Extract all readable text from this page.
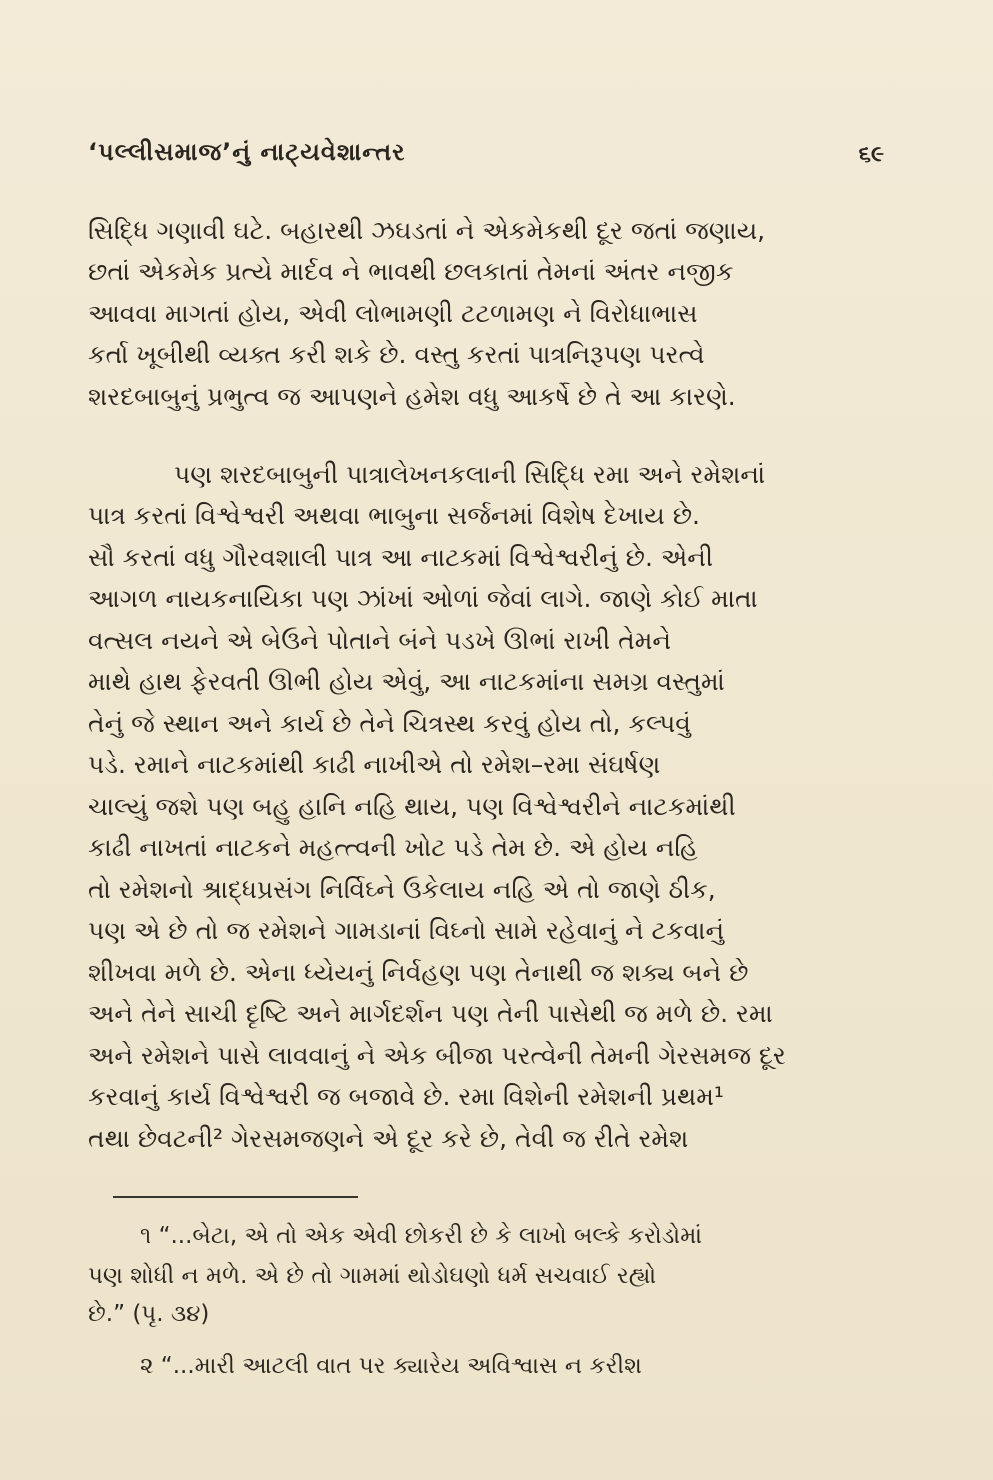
‘પલ્લીસમાજ’નું નાટ્યવેશાન્તર	૬૯
સિદ્ધિ ગણાવી ઘટે. બહારથી ઝઘડતાં ને એકમેકથી દૂર જતાં જણાય,
છતાં એકમેક પ્રત્યે માર્દવ ને ભાવથી છલકાતાં તેમનાં અંતર નજીક
આવવા માગતાં હોય, એવી લોભામણી ટટળામણ ને વિરોધાભાસ
કર્તા ખૂબીથી વ્યક્ત કરી શકે છે. વસ્તુ કરતાં પાત્રનિરૂપણ પરત્વે
શરદબાબુનું પ્રભુત્વ જ આપણને હમેશ વધુ આકર્ષે છે તે આ કારણે.
પણ શરદબાબુની પાત્રાલેખનકલાની સિદ્ધિ રમા અને રમેશનાં
પાત્ર કરતાં વિશ્વેશ્વરી અથવા ભાબુના સર્જનમાં વિશેષ દેખાય છે.
સૌ કરતાં વધુ ગૌરવશાલી પાત્ર આ નાટકમાં વિશ્વેશ્વરીનું છે. એની
આગળ નાયકનાયિકા પણ ઝાંખાં ઓળાં જેવાં લાગે. જાણે કોઈ માતા
વત્સલ નયને એ બેઉને પોતાને બંને પડખે ઊભાં રાખી તેમને
માથે હાથ ફેરવતી ઊભી હોય એવું, આ નાટકમાંના સમગ્ર વસ્તુમાં
તેનું જે સ્થાન અને કાર્ય છે તેને ચિત્રસ્થ કરવું હોય તો, કલ્પવું
પડે. રમાને નાટકમાંથી કાઢી નાખીએ તો રમેશ–રમા સંઘર્ષણ
ચાલ્યું જશે પણ બહુ હાનિ નહિ થાય, પણ વિશ્વેશ્વરીને નાટકમાંથી
કાઢી નાખતાં નાટકને મહત્ત્વની ખોટ પડે તેમ છે. એ હોય નહિ
તો રમેશનો શ્રાદ્ધપ્રસંગ નિર્વિઘ્ને ઉકેલાય નહિ એ તો જાણે ઠીક,
પણ એ છે તો જ રમેશને ગામડાનાં વિઘ્નો સામે રહેવાનું ને ટકવાનું
શીખવા મળે છે. એના ધ્યેયનું નિર્વહણ પણ તેનાથી જ શક્ય બને છે
અને તેને સાચી દૃષ્ટિ અને માર્ગદર્શન પણ તેની પાસેથી જ મળે છે. રમા
અને રમેશને પાસે લાવવાનું ને એક બીજા પરત્વેની તેમની ગેરસમજ દૂર
કરવાનું કાર્ય વિશ્વેશ્વરી જ બજાવે છે. રમા વિશેની રમેશની પ્રથમ¹
તથા છેવટની² ગેરસમજણને એ દૂર કરે છે, તેવી જ રીતે રમેશ
૧ “...બેટા, એ તો એક એવી છોકરી છે કે લાખો બલ્કે કરોડોમાં
પણ શોધી ન મળે. એ છે તો ગામમાં થોડોઘણો ધર્મ સચવાઈ રહ્યો
છે.” (પૃ. ૩૪)
૨ “...મારી આટલી વાત પર ક્યારેય અવિશ્વાસ ન કરીશ
